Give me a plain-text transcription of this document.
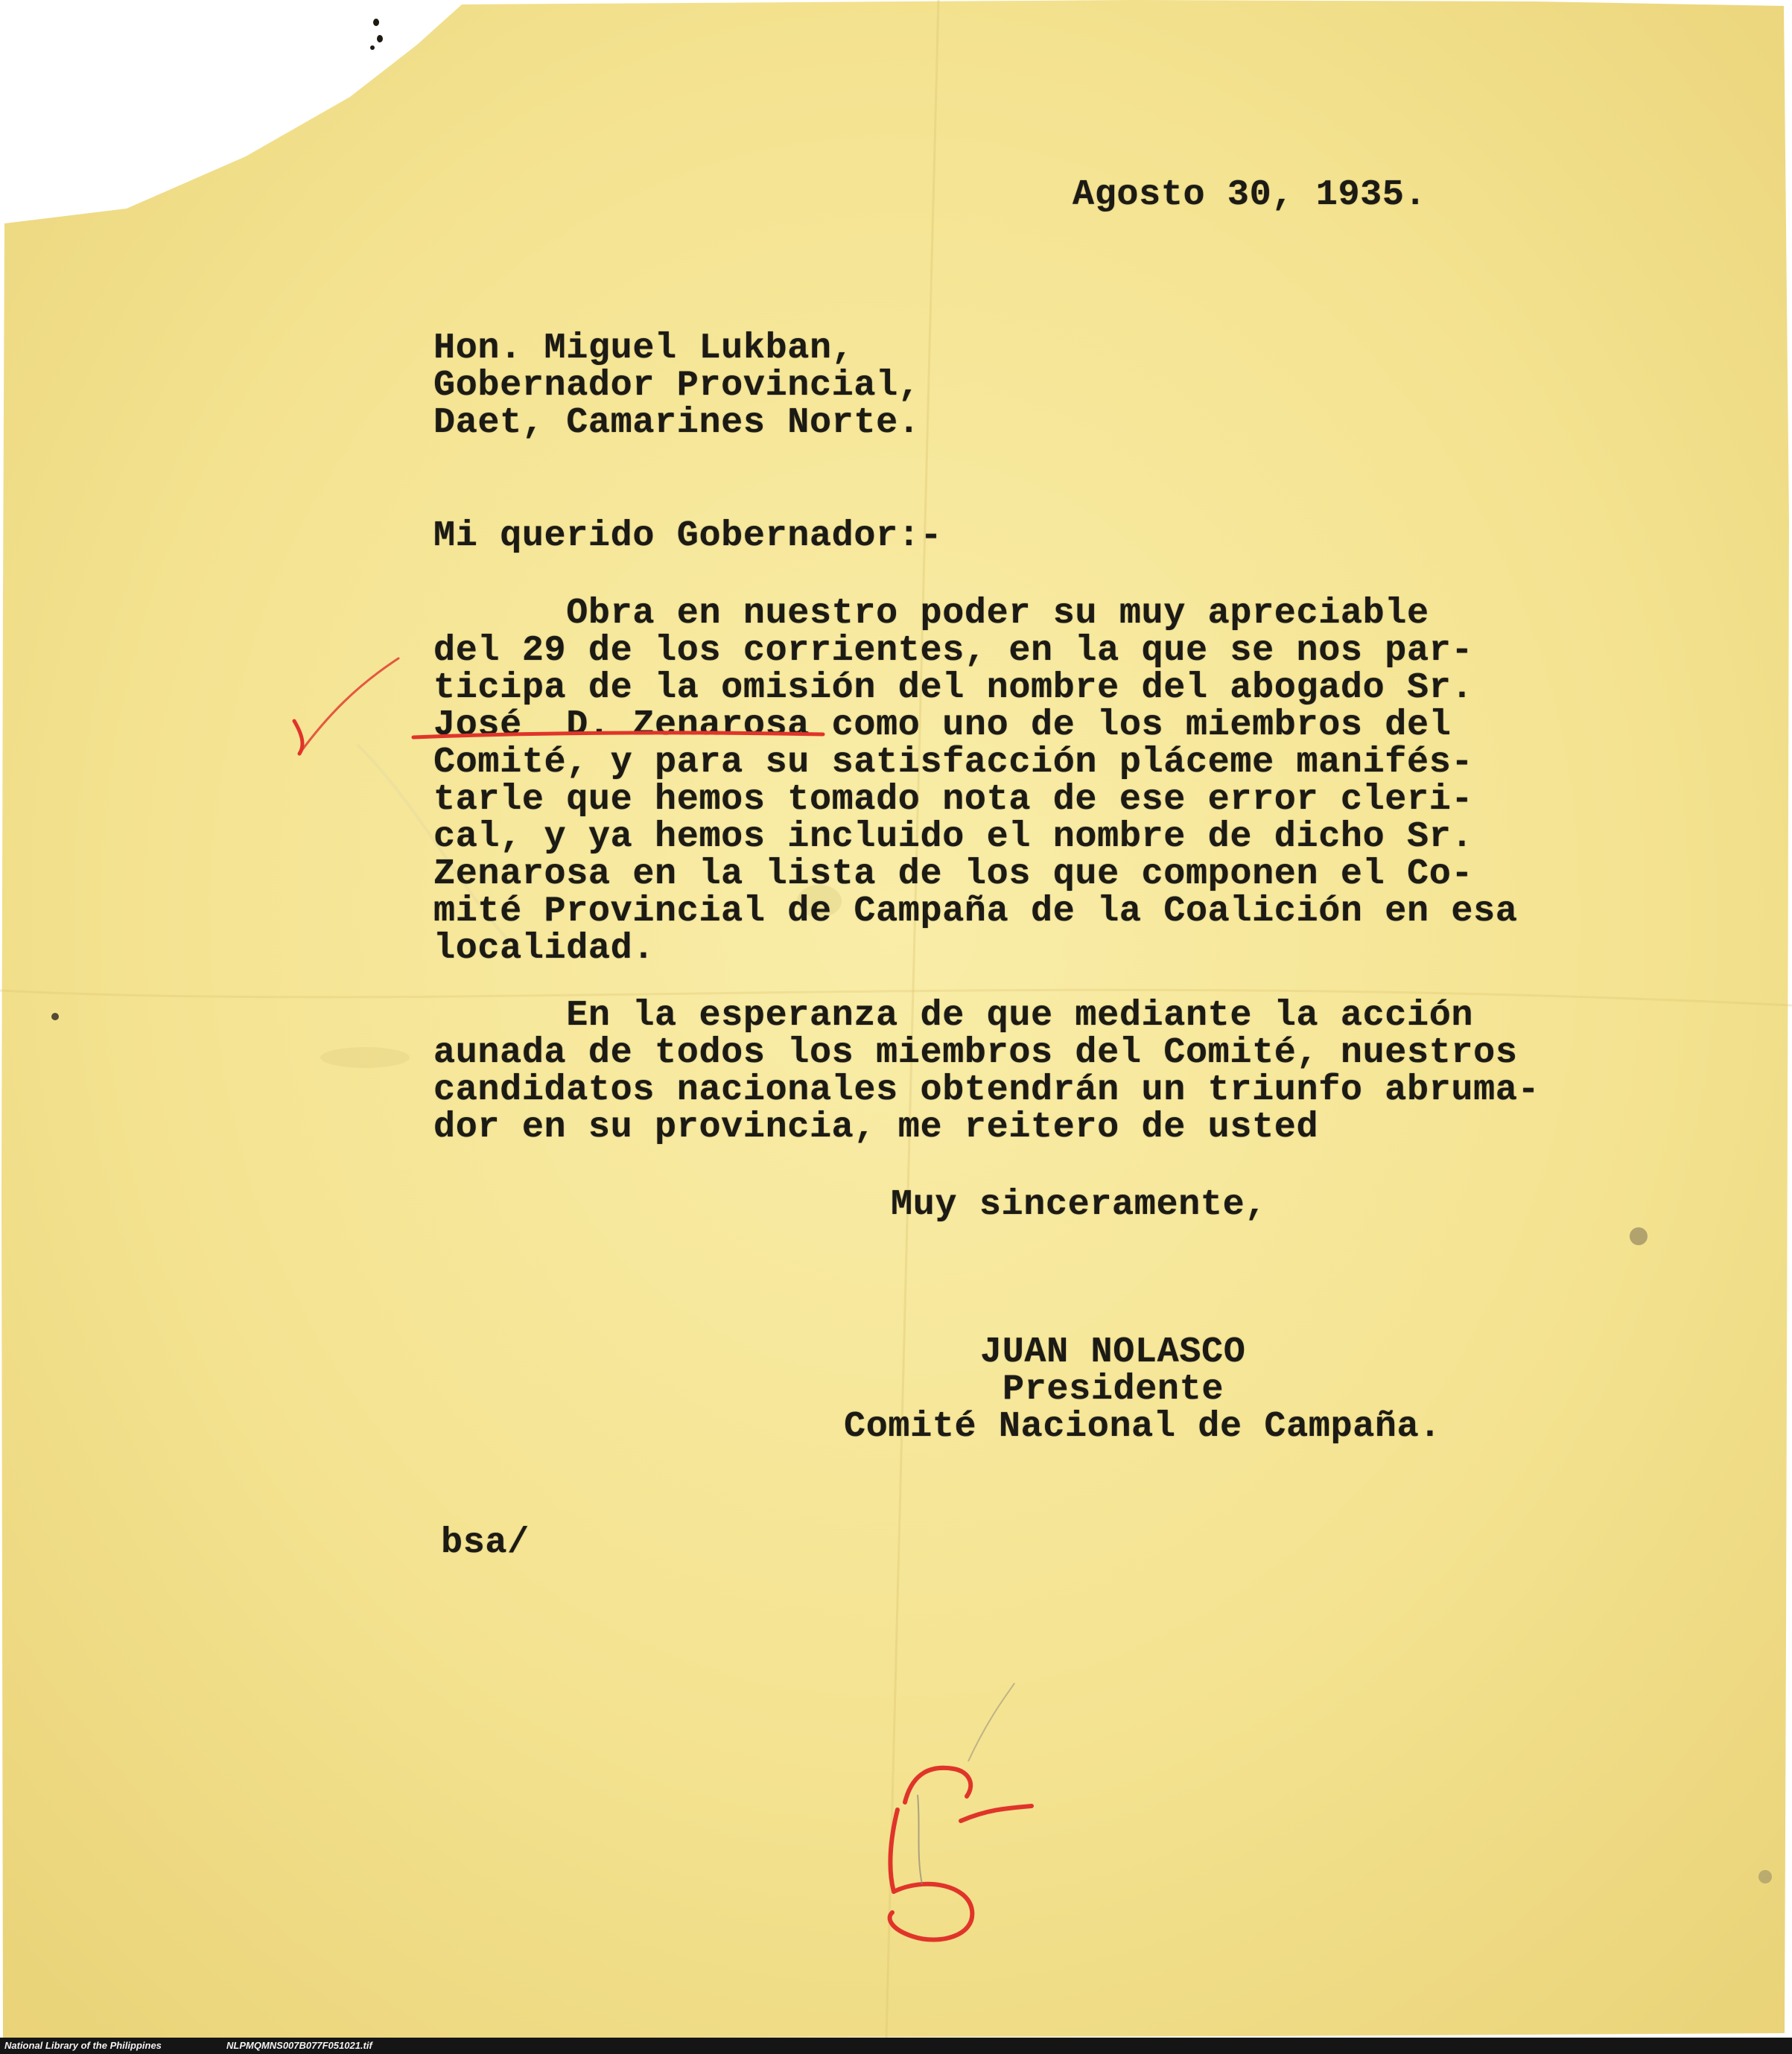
Agosto 30, 1935.
Hon. Miguel Lukban,
Gobernador Provincial,
Daet, Camarines Norte.
Mi querido Gobernador:-
Obra en nuestro poder su muy apreciable
del 29 de los corrientes, en la que se nos par-
ticipa de la omisión del nombre del abogado Sr.
José  D. Zenarosa como uno de los miembros del
Comité, y para su satisfacción pláceme manifés-
tarle que hemos tomado nota de ese error cleri-
cal, y ya hemos incluido el nombre de dicho Sr.
Zenarosa en la lista de los que componen el Co-
mité Provincial de Campaña de la Coalición en esa
localidad.
En la esperanza de que mediante la acción
aunada de todos los miembros del Comité, nuestros
candidatos nacionales obtendrán un triunfo abruma-
dor en su provincia, me reitero de usted
Muy sinceramente,
JUAN NOLASCO
Presidente
Comité Nacional de Campaña.
bsa/
National Library of the Philippines	NLPMQMNS007B077F051021.tif
